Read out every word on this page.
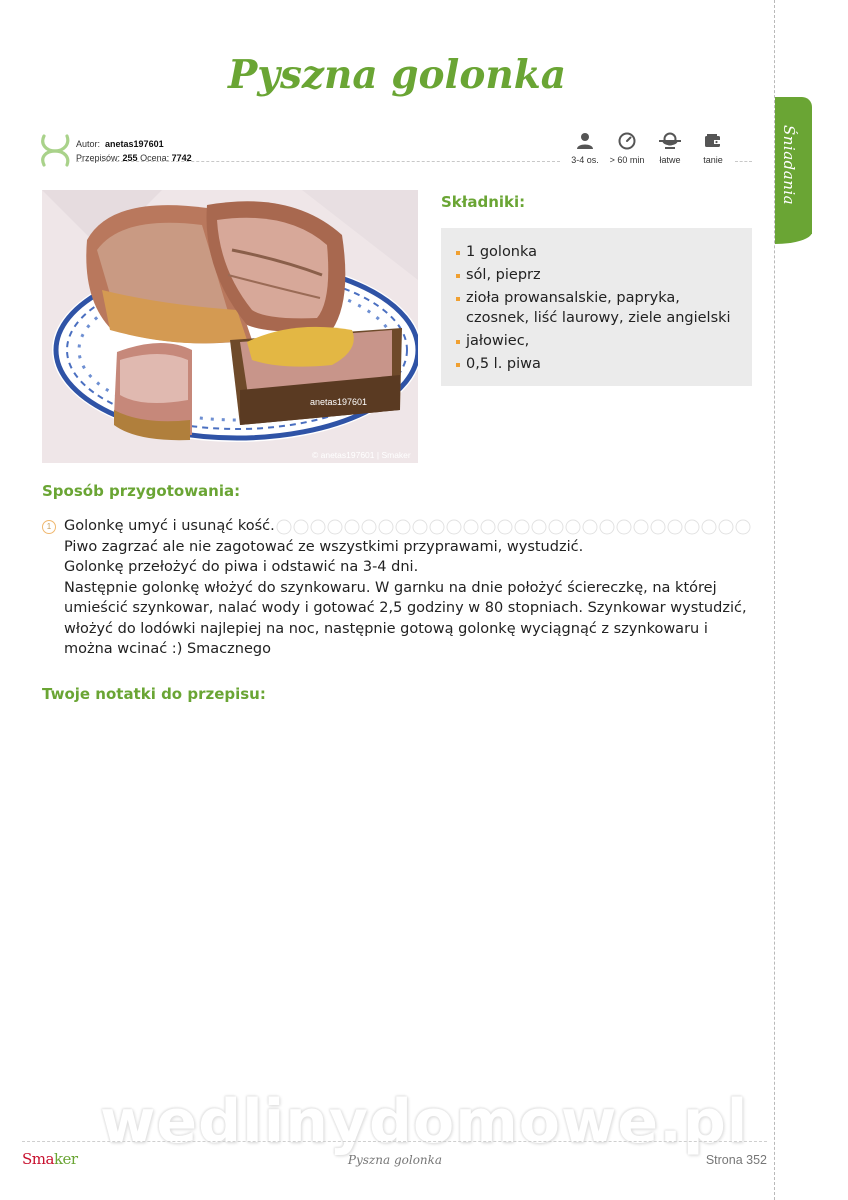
Śniadania
Pyszna golonka
Autor: anetas197601
Przepisów: 255 Ocena: 7742	3-4 os.	> 60 min	łatwe	tanie
anetas197601
© anetas197601 | Smaker
Składniki:
1 golonka
sól, pieprz
zioła prowansalskie, papryka, czosnek, liść laurowy, ziele angielski
jałowiec,
0,5 l. piwa
Sposób przygotowania:
1 Golonkę umyć i usunąć kość.
Piwo zagrzać ale nie zagotować ze wszystkimi przyprawami, wystudzić.
Golonkę przełożyć do piwa i odstawić na 3-4 dni.
Następnie golonkę włożyć do szynkowaru. W garnku na dnie położyć ściereczkę, na której umieścić szynkowar, nalać wody i gotować 2,5 godziny w 80 stopniach. Szynkowar wystudzić, włożyć do lodówki najlepiej na noc, następnie gotową golonkę wyciągnąć z szynkowaru i można wcinać :) Smacznego
Twoje notatki do przepisu:
wedlinydomowe.pl
Smaker	Pyszna golonka	Strona 352
